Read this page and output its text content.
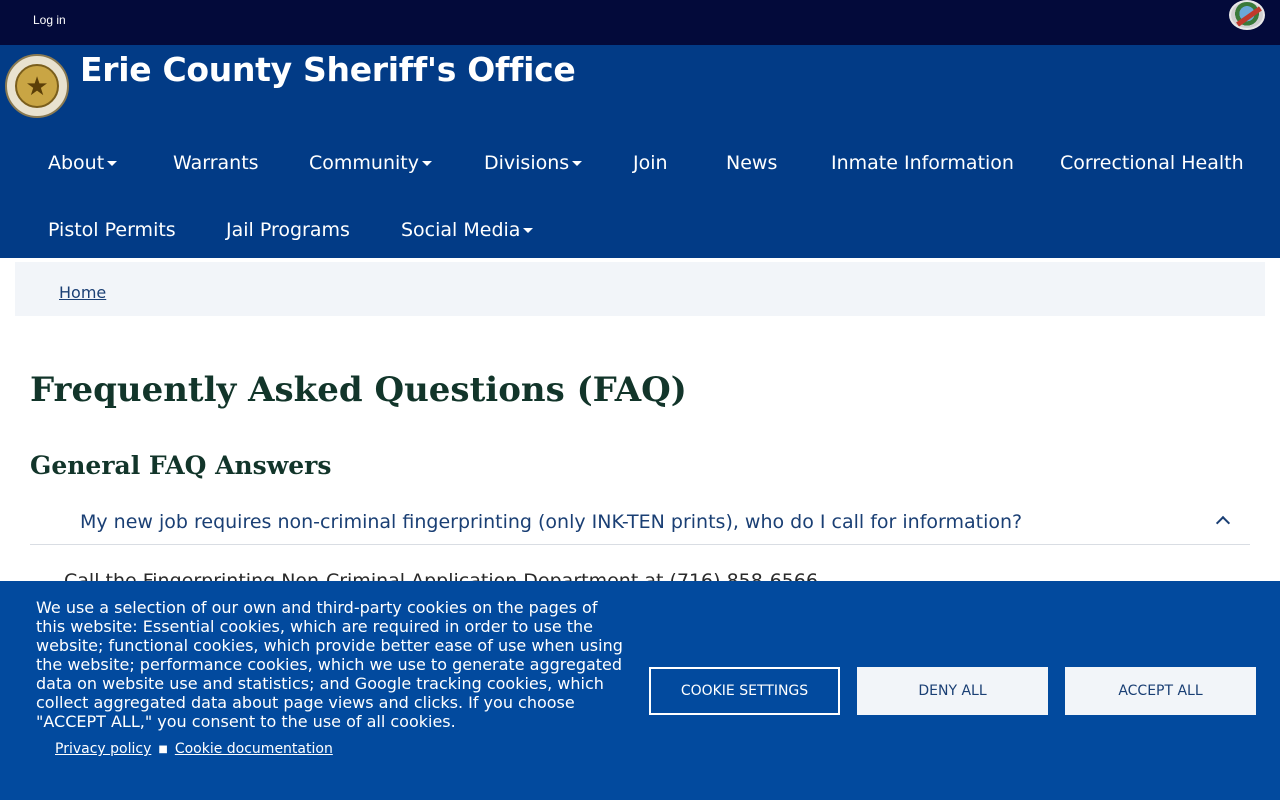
Log in
★ Erie County Sheriff's Office
About	Warrants	Community	Divisions	Join	News	Inmate Information Correctional Health
Pistol Permits	Jail Programs	Social Media
Home
Frequently Asked Questions (FAQ)
General FAQ Answers
My new job requires non-criminal fingerprinting (only INK-TEN prints), who do I call for information?

We use a selection of our own and third-party cookies on the pages of this website: Essential cookies, which are required in order to use the website; functional cookies, which provide better ease of use when using the website; performance cookies, which we use to generate aggregated data on website use and statistics; and Google tracking cookies, which collect aggregated data about page views and clicks. If you choose "ACCEPT ALL," you consent to the use of all cookies.

Privacy policy ■ Cookie documentation
COOKIE SETTINGS	DENY ALL	ACCEPT ALL
